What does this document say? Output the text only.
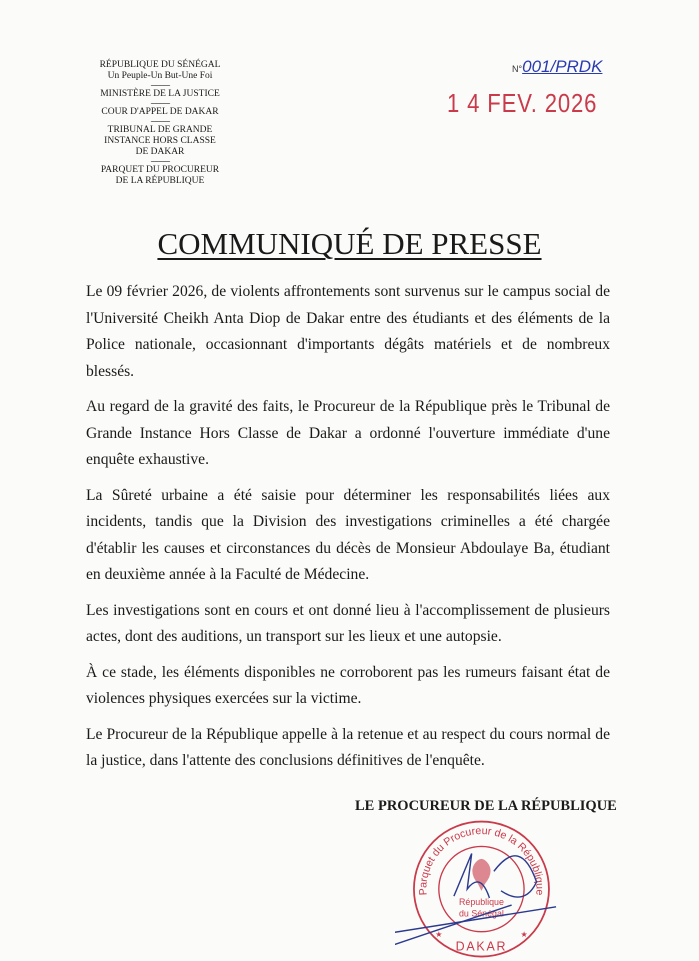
RÉPUBLIQUE DU SÉNÉGAL
Un Peuple-Un But-Une Foi
--------------
MINISTÈRE DE LA JUSTICE
--------------
COUR D'APPEL DE DAKAR
--------------
TRIBUNAL DE GRANDE
INSTANCE HORS CLASSE
DE DAKAR
--------------
PARQUET DU PROCUREUR
DE LA RÉPUBLIQUE
N°001/PRDK
1 4 FEV. 2026
COMMUNIQUÉ DE PRESSE

Le 09 février 2026, de violents affrontements sont survenus sur le campus social de l'Université Cheikh Anta Diop de Dakar entre des étudiants et des éléments de la Police nationale, occasionnant d'importants dégâts matériels et de nombreux blessés.

Au regard de la gravité des faits, le Procureur de la République près le Tribunal de Grande Instance Hors Classe de Dakar a ordonné l'ouverture immédiate d'une enquête exhaustive.

La Sûreté urbaine a été saisie pour déterminer les responsabilités liées aux incidents, tandis que la Division des investigations criminelles a été chargée d'établir les causes et circonstances du décès de Monsieur Abdoulaye Ba, étudiant en deuxième année à la Faculté de Médecine.

Les investigations sont en cours et ont donné lieu à l'accomplissement de plusieurs actes, dont des auditions, un transport sur les lieux et une autopsie.

À ce stade, les éléments disponibles ne corroborent pas les rumeurs faisant état de violences physiques exercées sur la victime.

Le Procureur de la République appelle à la retenue et au respect du cours normal de la justice, dans l'attente des conclusions définitives de l'enquête.

LE PROCUREUR DE LA RÉPUBLIQUE
Parquet du Procureur de la République
DAKAR
République
du Sénégal
★	★
